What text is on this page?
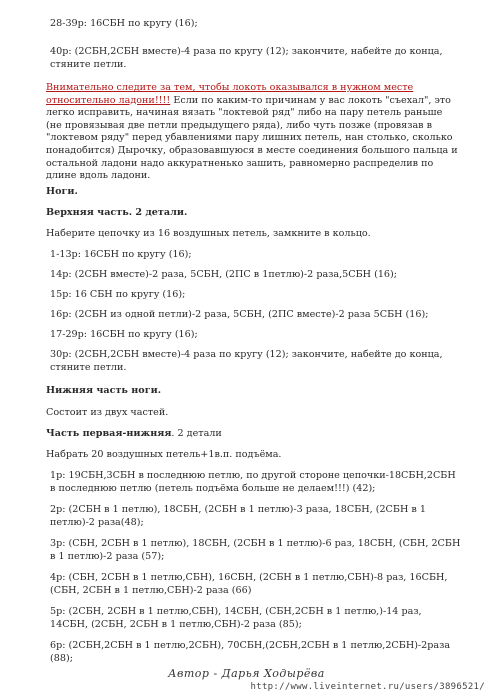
28-39р: 16СБН по кругу (16);

40р: (2СБН,2СБН вместе)-4 раза по кругу (12); закончите, набейте до конца, стяните петли.

Внимательно следите за тем, чтобы локоть оказывался в нужном месте относительно ладони!!!! Если по каким-то причинам у вас локоть "съехал", это легко исправить, начиная вязать "локтевой ряд" либо на пару петель раньше (не провязывая две петли предыдущего ряда), либо чуть позже (провязав в "локтевом ряду" перед убавлениями пару лишних петель, нан столько, сколько понадобится) Дырочку, образовавшуюся в месте соединения большого пальца и остальной ладони надо аккуратненько зашить, равномерно распределив по длине вдоль ладони.

Ноги.

Верхняя часть. 2 детали.

Наберите цепочку из 16 воздушных петель, замкните в кольцо.

1-13р: 16СБН по кругу (16);

14р: (2СБН вместе)-2 раза, 5СБН, (2ПС в 1петлю)-2 раза,5СБН (16);

15р: 16 СБН по кругу (16);

16р: (2СБН из одной петли)-2 раза, 5СБН, (2ПС вместе)-2 раза 5СБН (16);

17-29р: 16СБН по кругу (16);

30р: (2СБН,2СБН вместе)-4 раза по кругу (12); закончите, набейте до конца, стяните петли.

Нижняя часть ноги.

Состоит из двух частей.

Часть первая-нижняя. 2 детали

Набрать 20 воздушных петель+1в.п. подъёма.

1р: 19СБН,3СБН в последнюю петлю, по другой стороне цепочки-18СБН,2СБН в последнюю петлю (петель подъёма больше не делаем!!!) (42);

2р: (2СБН в 1 петлю), 18СБН, (2СБН в 1 петлю)-3 раза, 18СБН, (2СБН в 1 петлю)-2 раза(48);

3р: (СБН, 2СБН в 1 петлю), 18СБН, (2СБН в 1 петлю)-6 раз, 18СБН, (СБН, 2СБН в 1 петлю)-2 раза (57);

4р: (СБН, 2СБН в 1 петлю,СБН), 16СБН, (2СБН в 1 петлю,СБН)-8 раз, 16СБН, (СБН, 2СБН в 1 петлю,СБН)-2 раза (66)

5р: (2СБН, 2СБН в 1 петлю,СБН), 14СБН, (СБН,2СБН в 1 петлю,)-14 раз, 14СБН, (2СБН, 2СБН в 1 петлю,СБН)-2 раза (85);

6р: (2СБН,2СБН в 1 петлю,2СБН), 70СБН,(2СБН,2СБН в 1 петлю,2СБН)-2раза (88);

Автор - Дарья Ходырёва
http://www.liveinternet.ru/users/3896521/
